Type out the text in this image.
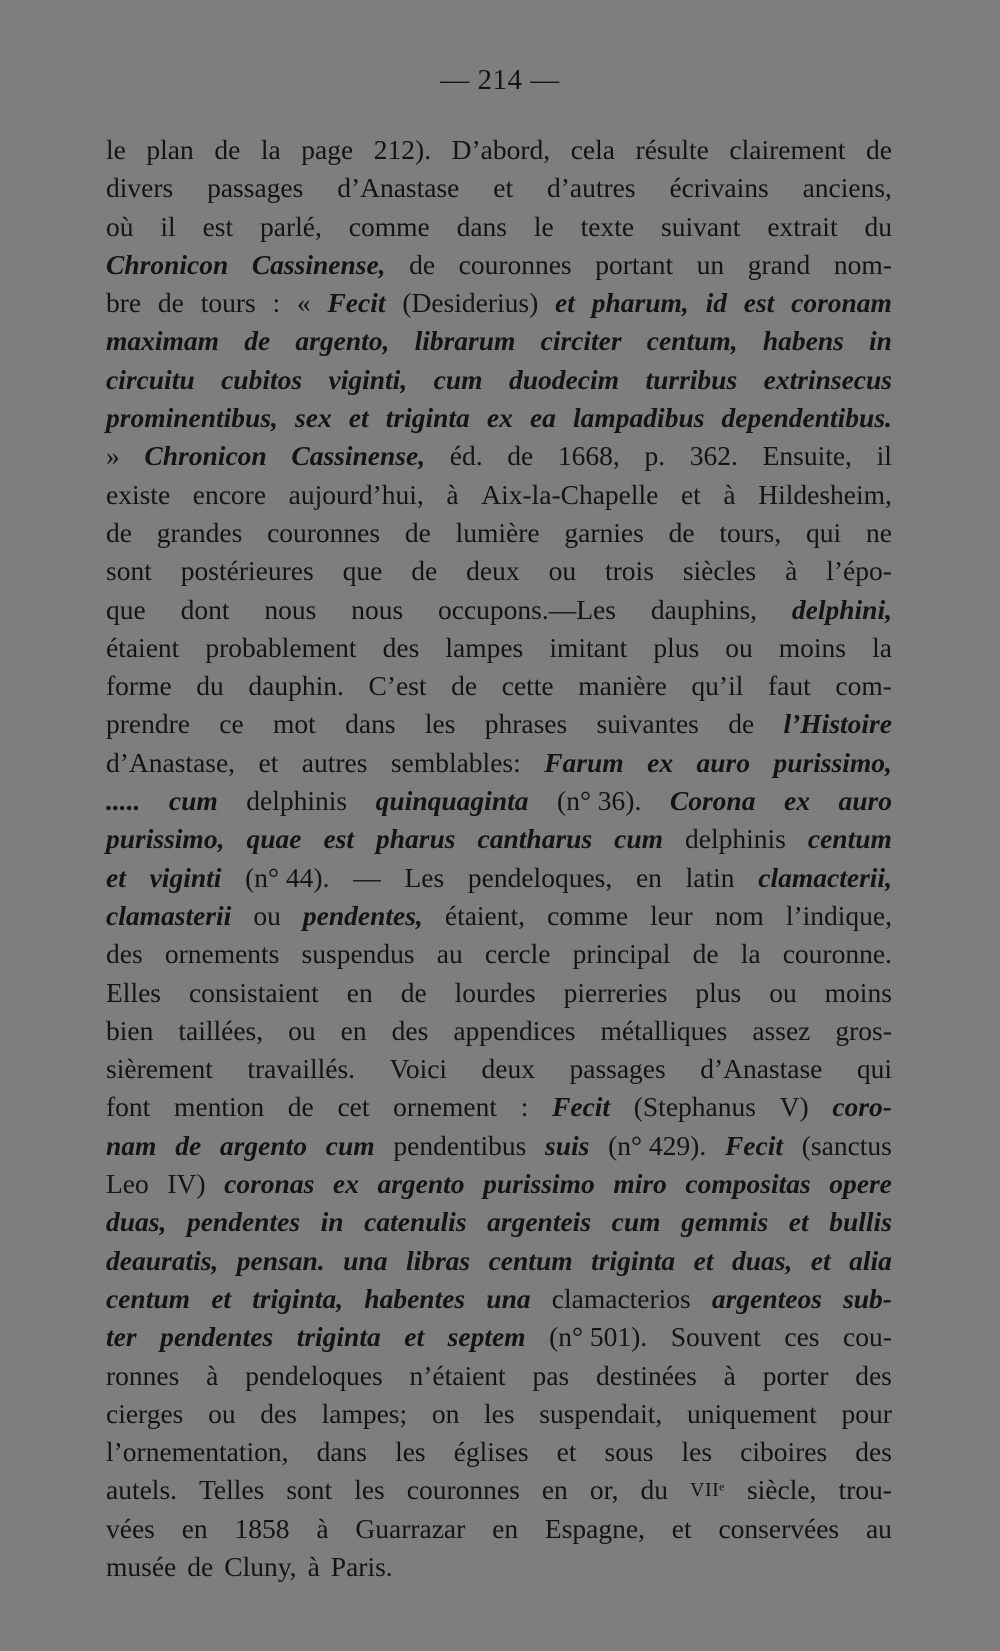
— 214 —
le plan de la page 212). D’abord, cela résulte clairement de
divers passages d’Anastase et d’autres écrivains anciens,
où il est parlé, comme dans le texte suivant extrait du
Chronicon Cassinense, de couronnes portant un grand nom-
bre de tours : « Fecit (Desiderius) et pharum, id est coronam
maximam de argento, librarum circiter centum, habens in
circuitu cubitos viginti, cum duodecim turribus extrinsecus
prominentibus, sex et triginta ex ea lampadibus dependentibus.
» Chronicon Cassinense, éd. de 1668, p. 362. Ensuite, il
existe encore aujourd’hui, à Aix-la-Chapelle et à Hildesheim,
de grandes couronnes de lumière garnies de tours, qui ne
sont postérieures que de deux ou trois siècles à l’épo-
que dont nous nous occupons.—Les dauphins, delphini,
étaient probablement des lampes imitant plus ou moins la
forme du dauphin. C’est de cette manière qu’il faut com-
prendre ce mot dans les phrases suivantes de l’Histoire
d’Anastase, et autres semblables: Farum ex auro purissimo,
..... cum delphinis quinquaginta (n° 36). Corona ex auro
purissimo, quae est pharus cantharus cum delphinis centum
et viginti (n° 44). — Les pendeloques, en latin clamacterii,
clamasterii ou pendentes, étaient, comme leur nom l’indique,
des ornements suspendus au cercle principal de la couronne.
Elles consistaient en de lourdes pierreries plus ou moins
bien taillées, ou en des appendices métalliques assez gros-
sièrement travaillés. Voici deux passages d’Anastase qui
font mention de cet ornement : Fecit (Stephanus V) coro-
nam de argento cum pendentibus suis (n° 429). Fecit (sanctus
Leo IV) coronas ex argento purissimo miro compositas opere
duas, pendentes in catenulis argenteis cum gemmis et bullis
deauratis, pensan. una libras centum triginta et duas, et alia
centum et triginta, habentes una clamacterios argenteos sub-
ter pendentes triginta et septem (n° 501). Souvent ces cou-
ronnes à pendeloques n’étaient pas destinées à porter des
cierges ou des lampes; on les suspendait, uniquement pour
l’ornementation, dans les églises et sous les ciboires des
autels. Telles sont les couronnes en or, du VIIᵉ siècle, trou-
vées en 1858 à Guarrazar en Espagne, et conservées au
musée de Cluny, à Paris.
